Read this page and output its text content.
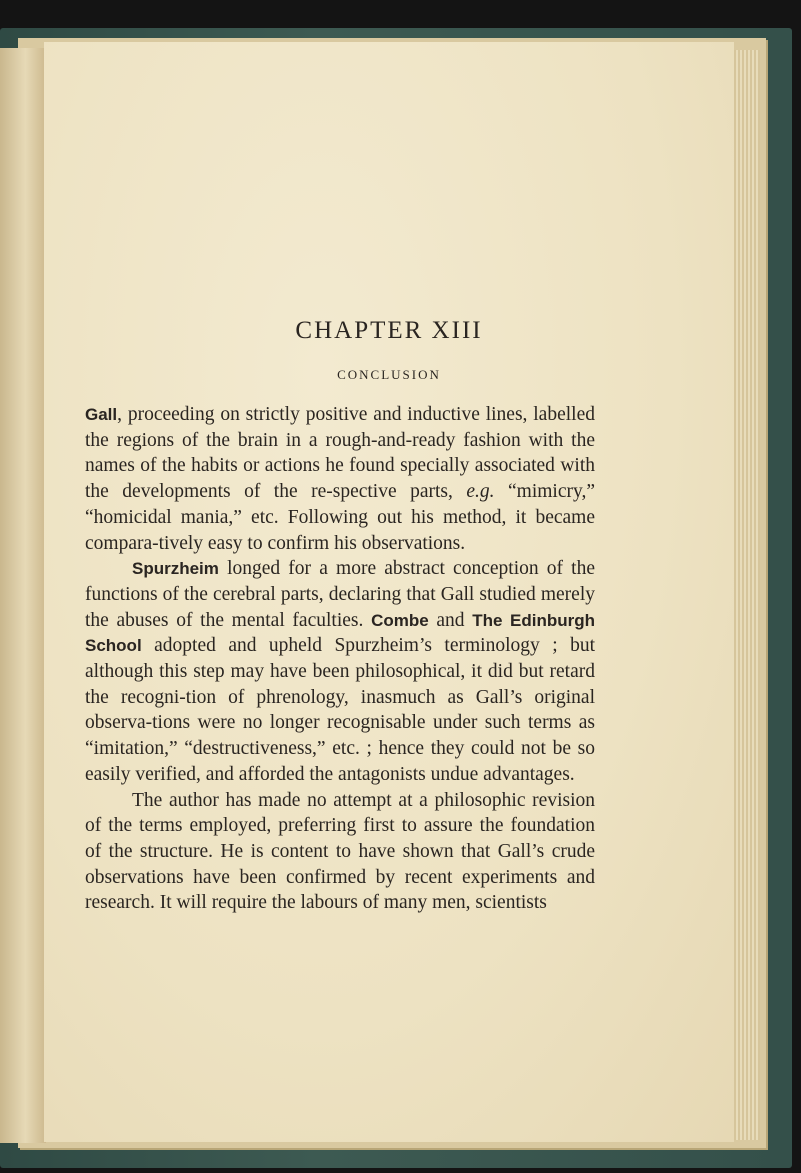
CHAPTER XIII
CONCLUSION

Gall, proceeding on strictly positive and inductive lines, labelled the regions of the brain in a rough-and-ready fashion with the names of the habits or actions he found specially associated with the developments of the re-spective parts, e.g. “mimicry,” “homicidal mania,” etc. Following out his method, it became compara-tively easy to confirm his observations.

Spurzheim longed for a more abstract conception of the functions of the cerebral parts, declaring that Gall studied merely the abuses of the mental faculties. Combe and The Edinburgh School adopted and upheld Spurzheim’s terminology ; but although this step may have been philosophical, it did but retard the recogni-tion of phrenology, inasmuch as Gall’s original observa-tions were no longer recognisable under such terms as “imitation,” “destructiveness,” etc. ; hence they could not be so easily verified, and afforded the antagonists undue advantages.

The author has made no attempt at a philosophic revision of the terms employed, preferring first to assure the foundation of the structure. He is content to have shown that Gall’s crude observations have been confirmed by recent experiments and research. It will require the labours of many men, scientists
